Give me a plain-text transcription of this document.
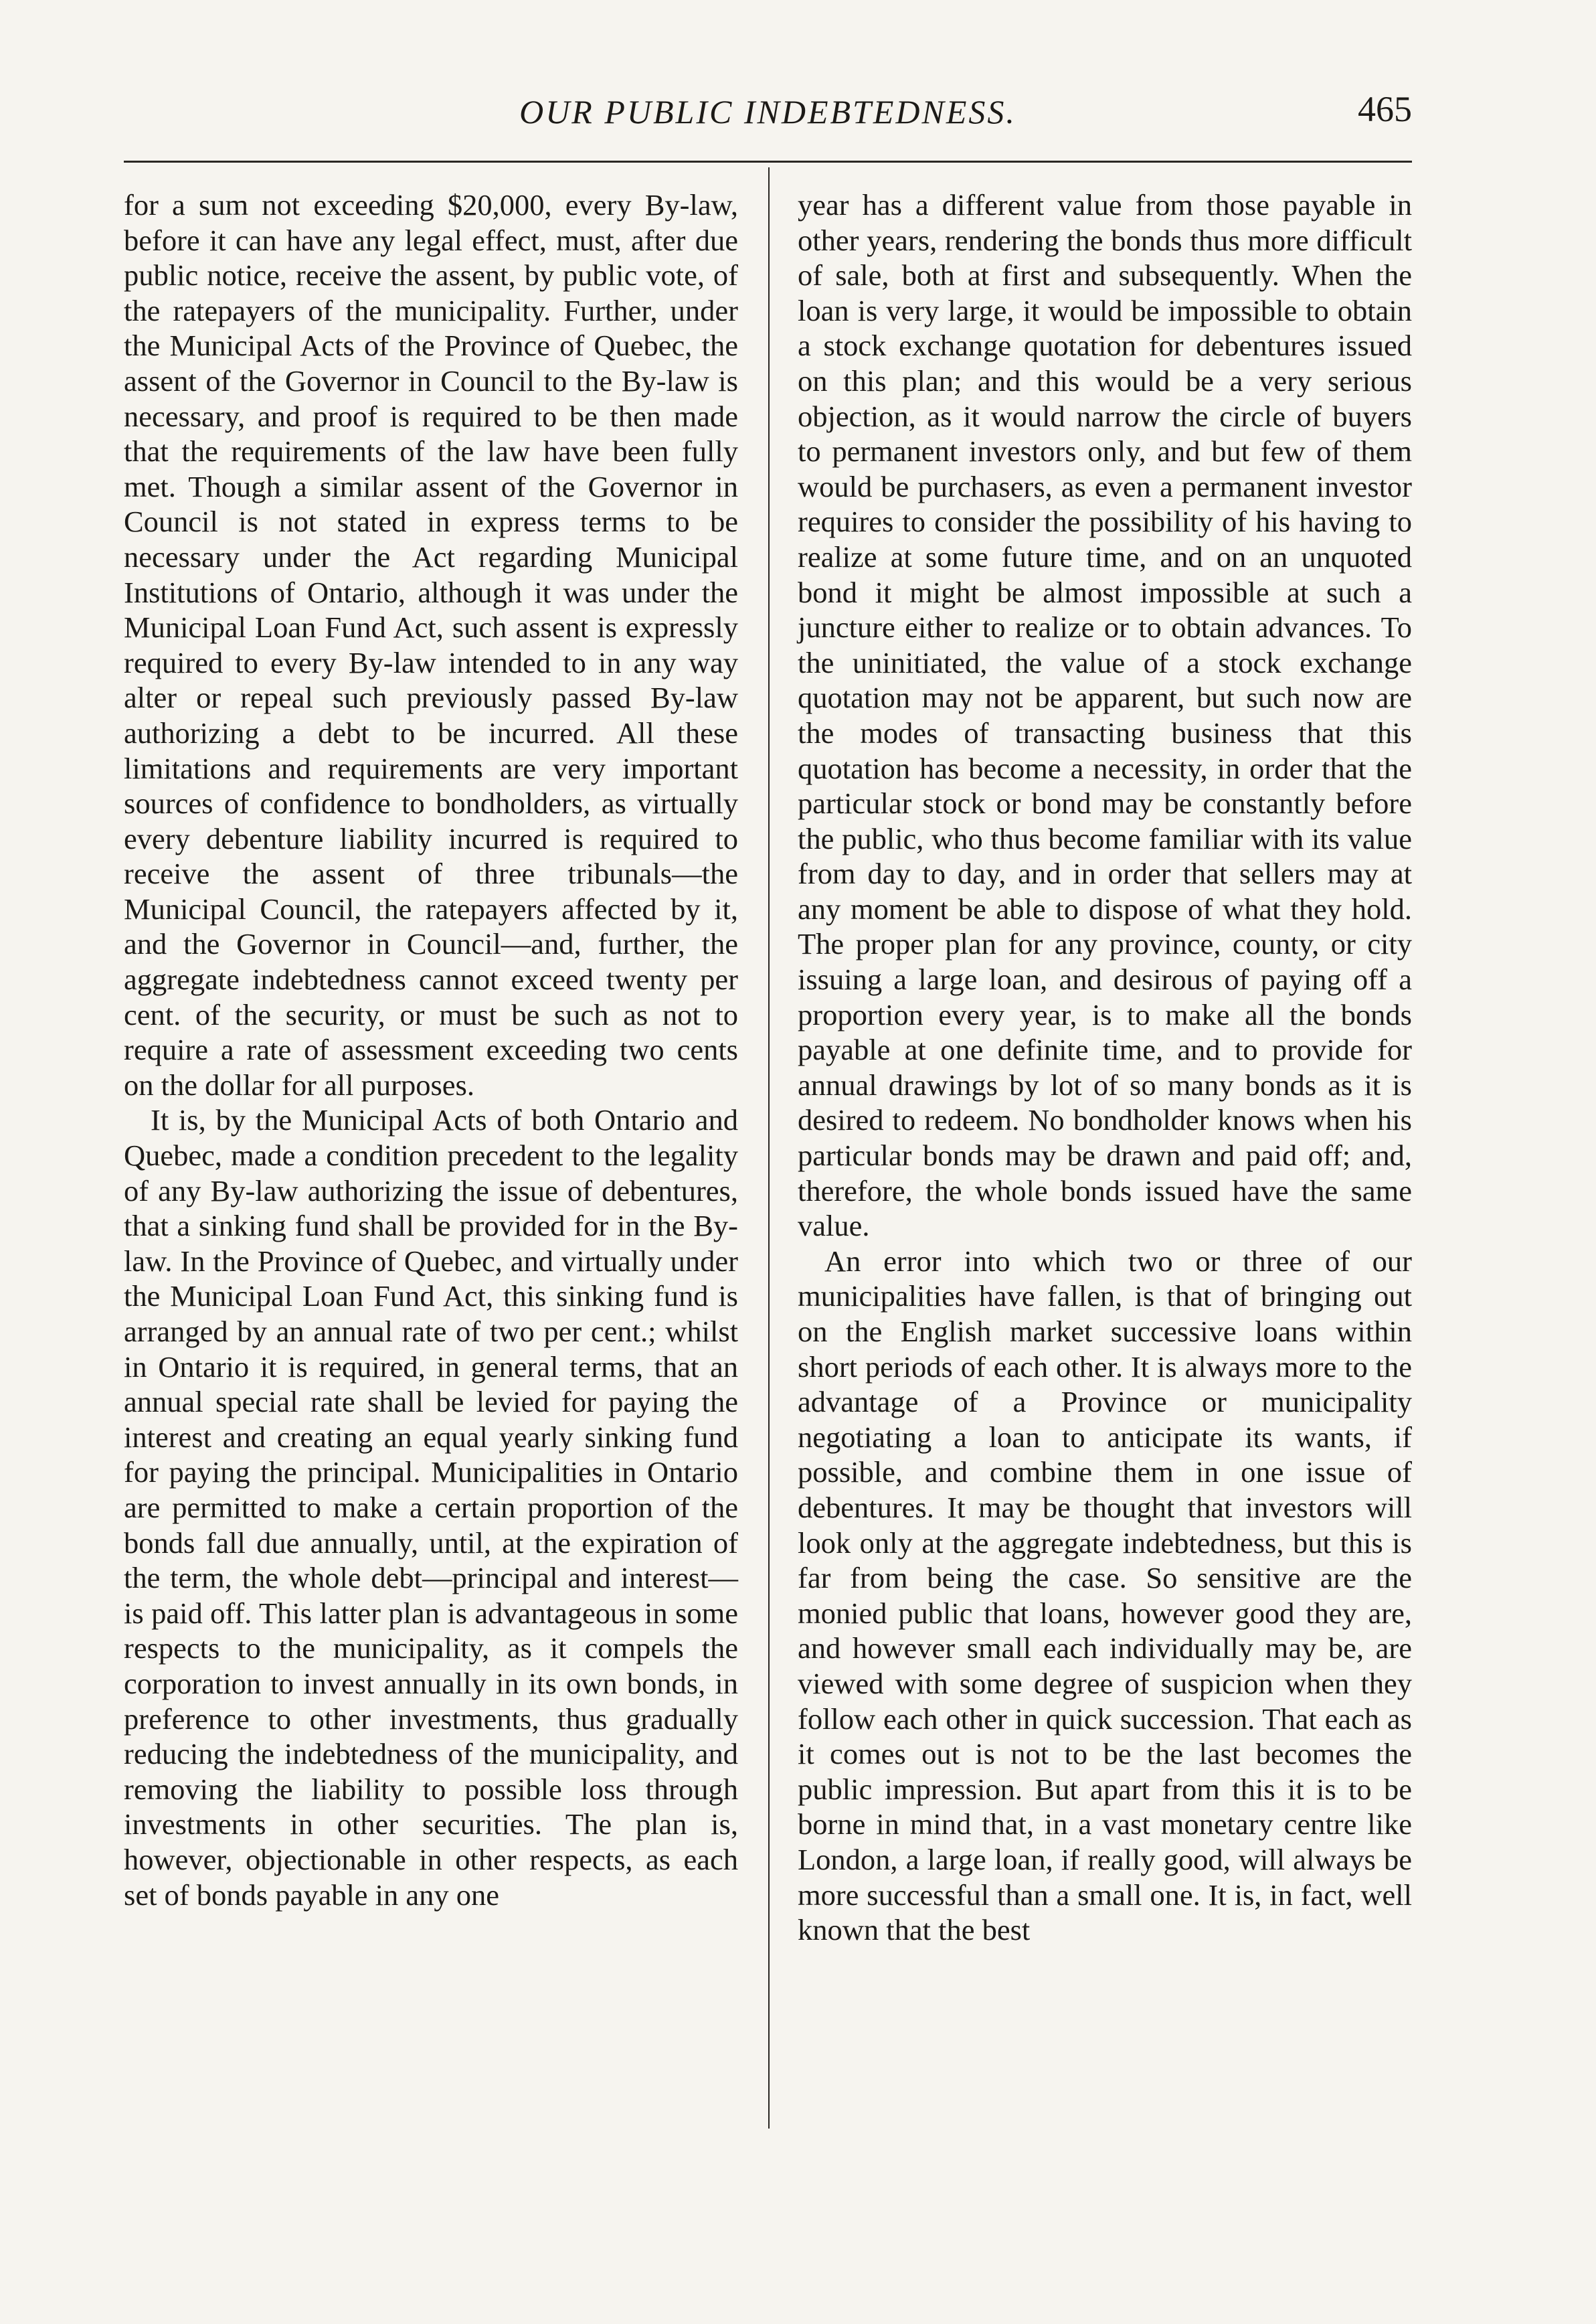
OUR PUBLIC INDEBTEDNESS.	465

for a sum not exceeding $20,000, every By-law, before it can have any legal effect, must, after due public notice, receive the assent, by public vote, of the ratepayers of the municipality. Further, under the Municipal Acts of the Province of Quebec, the assent of the Governor in Council to the By-law is necessary, and proof is required to be then made that the requirements of the law have been fully met. Though a similar assent of the Governor in Council is not stated in express terms to be necessary under the Act regarding Municipal Institutions of Ontario, although it was under the Municipal Loan Fund Act, such assent is expressly required to every By-law intended to in any way alter or repeal such previously passed By-law authorizing a debt to be incurred. All these limitations and requirements are very important sources of confidence to bondholders, as virtually every debenture liability incurred is required to receive the assent of three tribunals—the Municipal Council, the ratepayers affected by it, and the Governor in Council—and, further, the aggregate indebtedness cannot exceed twenty per cent. of the security, or must be such as not to require a rate of assessment exceeding two cents on the dollar for all purposes.

It is, by the Municipal Acts of both Ontario and Quebec, made a condition precedent to the legality of any By-law authorizing the issue of debentures, that a sinking fund shall be provided for in the By-law. In the Province of Quebec, and virtually under the Municipal Loan Fund Act, this sinking fund is arranged by an annual rate of two per cent.; whilst in Ontario it is required, in general terms, that an annual special rate shall be levied for paying the interest and creating an equal yearly sinking fund for paying the principal. Municipalities in Ontario are permitted to make a certain proportion of the bonds fall due annually, until, at the expiration of the term, the whole debt—principal and interest—is paid off. This latter plan is advantageous in some respects to the municipality, as it compels the corporation to invest annually in its own bonds, in preference to other investments, thus gradually reducing the indebtedness of the municipality, and removing the liability to possible loss through investments in other securities. The plan is, however, objectionable in other respects, as each set of bonds payable in any one

year has a different value from those payable in other years, rendering the bonds thus more difficult of sale, both at first and subsequently. When the loan is very large, it would be impossible to obtain a stock exchange quotation for debentures issued on this plan; and this would be a very serious objection, as it would narrow the circle of buyers to permanent investors only, and but few of them would be purchasers, as even a permanent investor requires to consider the possibility of his having to realize at some future time, and on an unquoted bond it might be almost impossible at such a juncture either to realize or to obtain advances. To the uninitiated, the value of a stock exchange quotation may not be apparent, but such now are the modes of transacting business that this quotation has become a necessity, in order that the particular stock or bond may be constantly before the public, who thus become familiar with its value from day to day, and in order that sellers may at any moment be able to dispose of what they hold. The proper plan for any province, county, or city issuing a large loan, and desirous of paying off a proportion every year, is to make all the bonds payable at one definite time, and to provide for annual drawings by lot of so many bonds as it is desired to redeem. No bondholder knows when his particular bonds may be drawn and paid off; and, therefore, the whole bonds issued have the same value.

An error into which two or three of our municipalities have fallen, is that of bringing out on the English market successive loans within short periods of each other. It is always more to the advantage of a Province or municipality negotiating a loan to anticipate its wants, if possible, and combine them in one issue of debentures. It may be thought that investors will look only at the aggregate indebtedness, but this is far from being the case. So sensitive are the monied public that loans, however good they are, and however small each individually may be, are viewed with some degree of suspicion when they follow each other in quick succession. That each as it comes out is not to be the last becomes the public impression. But apart from this it is to be borne in mind that, in a vast monetary centre like London, a large loan, if really good, will always be more successful than a small one. It is, in fact, well known that the best
